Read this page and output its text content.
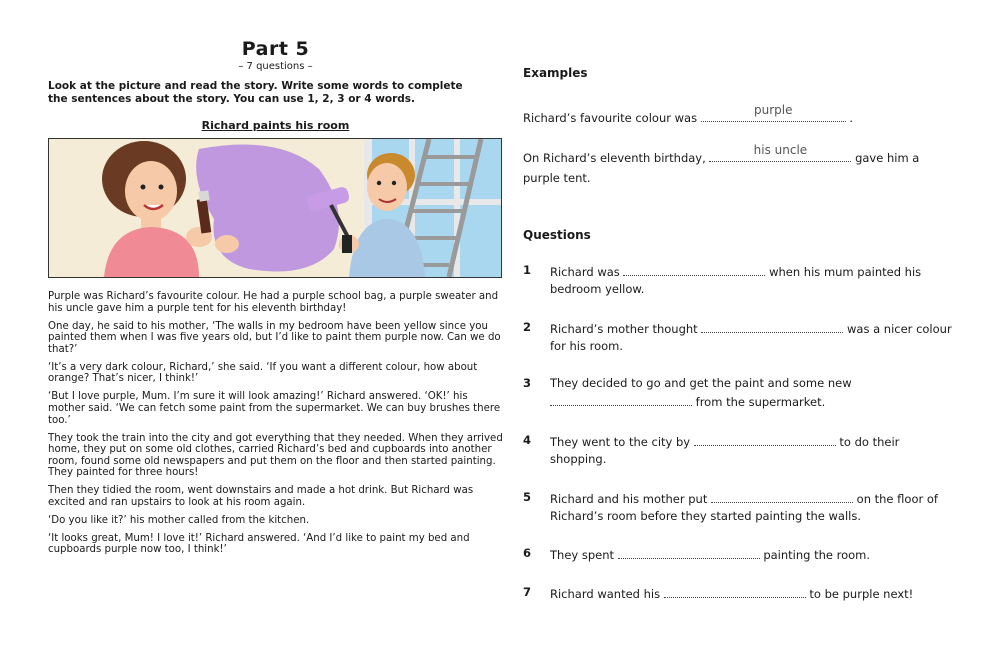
Part 5
– 7 questions –
Look at the picture and read the story. Write some words to complete the sentences about the story. You can use 1, 2, 3 or 4 words.
Richard paints his room

Purple was Richard’s favourite colour. He had a purple school bag, a purple sweater and his uncle gave him a purple tent for his eleventh birthday!

One day, he said to his mother, ‘The walls in my bedroom have been yellow since you painted them when I was five years old, but I’d like to paint them purple now. Can we do that?’

‘It’s a very dark colour, Richard,’ she said. ‘If you want a different colour, how about orange? That’s nicer, I think!’

‘But I love purple, Mum. I’m sure it will look amazing!’ Richard answered. ‘OK!’ his mother said. ‘We can fetch some paint from the supermarket. We can buy brushes there too.’

They took the train into the city and got everything that they needed. When they arrived home, they put on some old clothes, carried Richard’s bed and cupboards into another room, found some old newspapers and put them on the floor and then started painting. They painted for three hours!

Then they tidied the room, went downstairs and made a hot drink. But Richard was excited and ran upstairs to look at his room again.

‘Do you like it?’ his mother called from the kitchen.

‘It looks great, Mum! I love it!’ Richard answered. ‘And I’d like to paint my bed and cupboards purple now too, I think!’

Examples
Richard’s favourite colour was
purple
.
On Richard’s eleventh birthday,
his uncle
gave him a
purple tent.
Questions
1 Richard was	when his mum painted his
bedroom yellow.
2 Richard’s mother thought	was a nicer colour
for his room.
3 They decided to go and get the paint and some new
from the supermarket.
4 They went to the city by	to do their
shopping.
5 Richard and his mother put	on the floor of
Richard’s room before they started painting the walls.
6 They spent	painting the room.
7 Richard wanted his	to be purple next!
